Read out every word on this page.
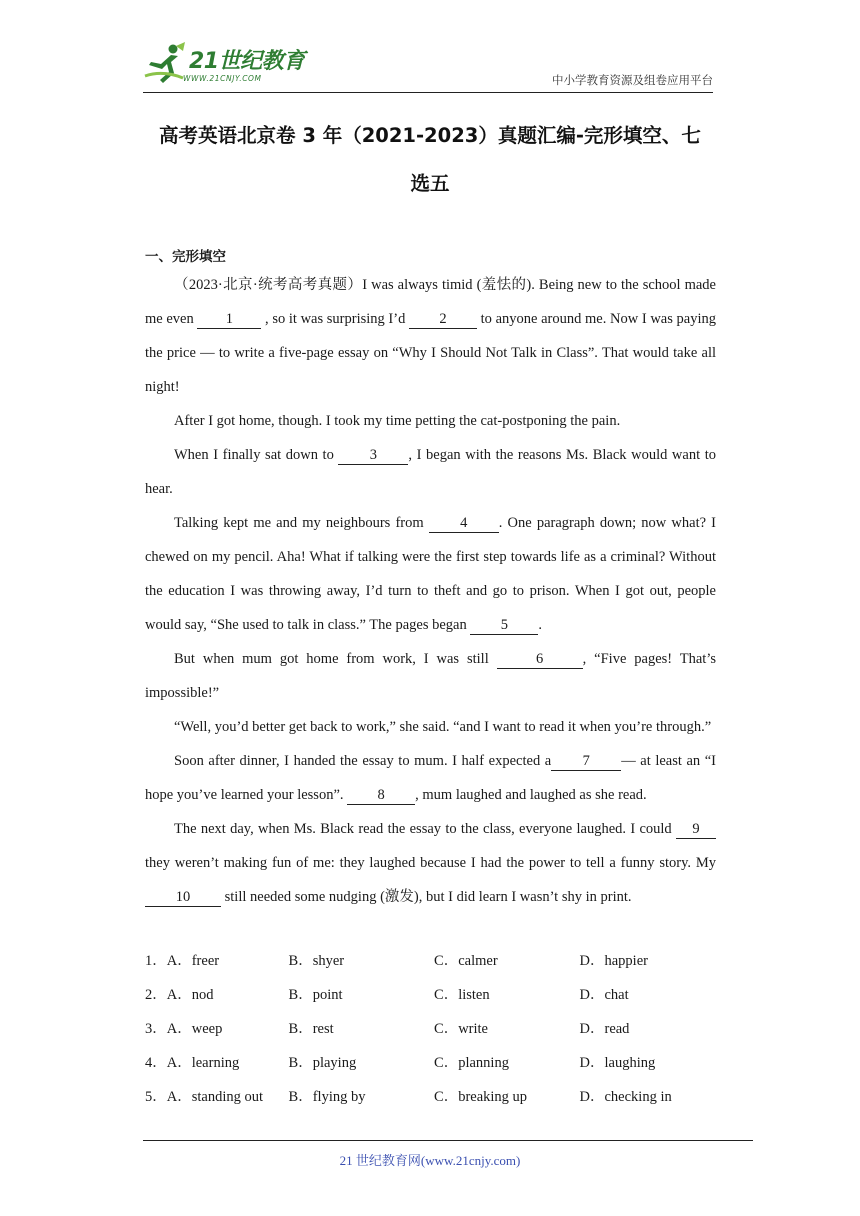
21世纪教育
WWW.21CNJY.COM	中小学教育资源及组卷应用平台
高考英语北京卷 3 年（2021-2023）真题汇编-完形填空、七
选五
一、完形填空

（2023·北京·统考高考真题）I was always timid (羞怯的). Being new to the school made me even 1 , so it was surprising I’d 2 to anyone around me. Now I was paying the price — to write a five-page essay on “Why I Should Not Talk in Class”. That would take all night!

After I got home, though. I took my time petting the cat-postponing the pain.

When I finally sat down to 3 , I began with the reasons Ms. Black would want to hear.

Talking kept me and my neighbours from 4 . One paragraph down; now what? I chewed on my pencil. Aha! What if talking were the first step towards life as a criminal? Without the education I was throwing away, I’d turn to theft and go to prison. When I got out, people would say, “She used to talk in class.” The pages began 5 .

But when mum got home from work, I was still	6	, “Five pages! That’s impossible!”

“Well, you’d better get back to work,” she said. “and I want to read it when you’re through.”

Soon after dinner, I handed the essay to mum. I half expected a 7 — at least an “I hope you’ve learned your lesson”. 8 , mum laughed and laughed as she read.

The next day, when Ms. Black read the essay to the class, everyone laughed. I could 9 they weren’t making fun of me: they laughed because I had the power to tell a funny story. My10 still needed some nudging (激发), but I did learn I wasn’t shy in print.

1．A．freer	B．shyer	C．calmer	D．happier
2．A．nod	B．point	C．listen	D．chat
3．A．weep	B．rest	C．write	D．read
4．A．learning	B．playing	C．planning	D．laughing
5．A．standing out	B．flying by	C．breaking up	D．checking in
21 世纪教育网(www.21cnjy.com)
